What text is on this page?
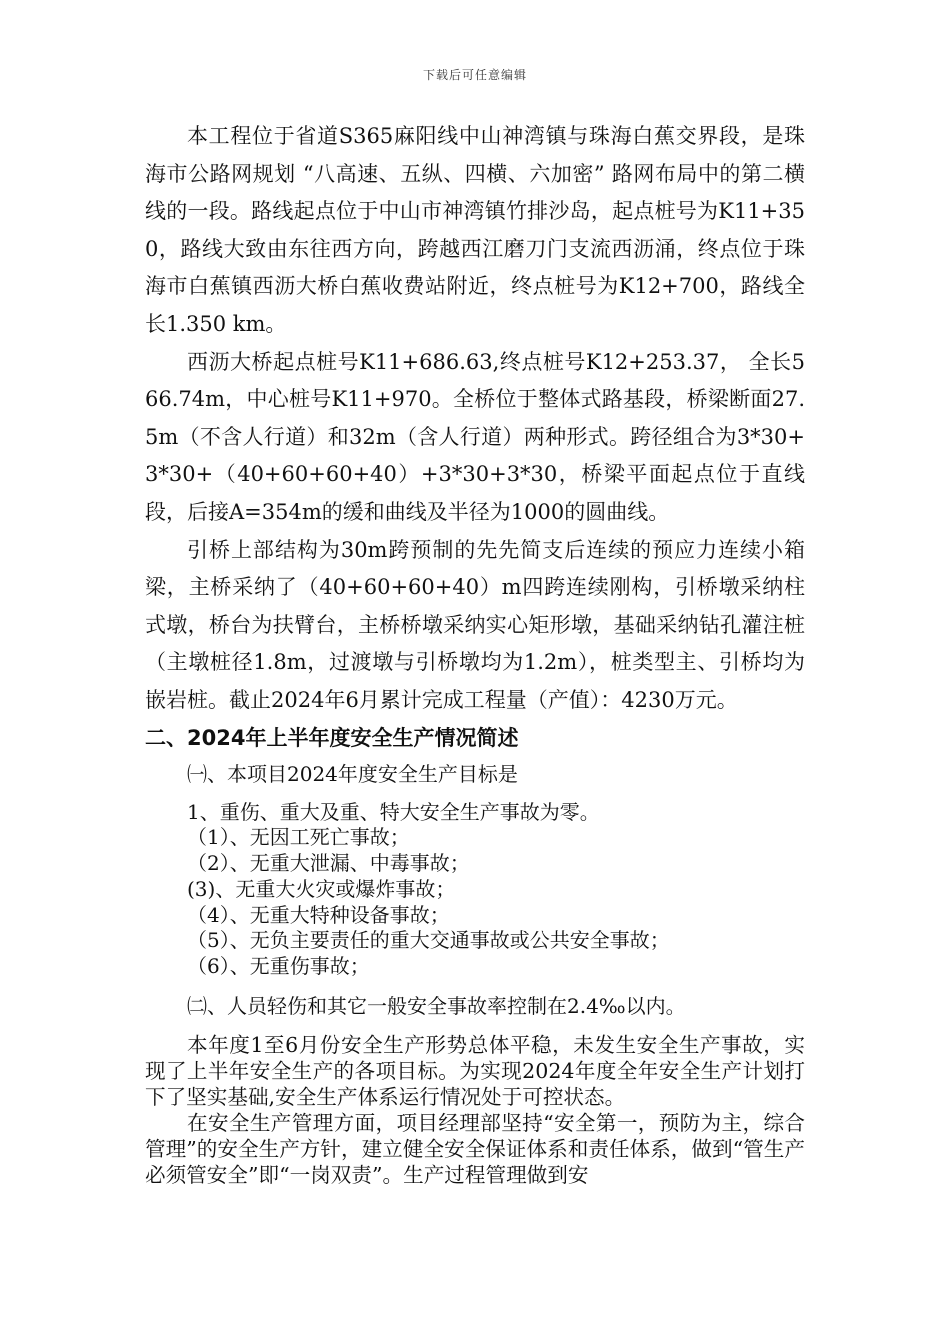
下载后可任意编辑

本工程位于省道S365麻阳线中山神湾镇与珠海白蕉交界段，是珠海市公路网规划 “八高速、五纵、四横、六加密” 路网布局中的第二横线的一段。路线起点位于中山市神湾镇竹排沙岛，起点桩号为K11+350，路线大致由东往西方向，跨越西江磨刀门支流西沥涌，终点位于珠海市白蕉镇西沥大桥白蕉收费站附近，终点桩号为K12+700，路线全长1.350 km。

西沥大桥起点桩号K11+686.63,终点桩号K12+253.37， 全长566.74m，中心桩号K11+970。全桥位于整体式路基段，桥梁断面27.5m（不含人行道）和32m（含人行道）两种形式。跨径组合为3*30+3*30+（40+60+60+40）+3*30+3*30，桥梁平面起点位于直线段，后接A=354m的缓和曲线及半径为1000的圆曲线。

引桥上部结构为30m跨预制的先先简支后连续的预应力连续小箱梁，主桥采纳了（40+60+60+40）m四跨连续刚构，引桥墩采纳柱式墩，桥台为扶臂台，主桥桥墩采纳实心矩形墩，基础采纳钻孔灌注桩（主墩桩径1.8m，过渡墩与引桥墩均为1.2m），桩类型主、引桥均为嵌岩桩。截止2024年6月累计完成工程量（产值）：4230万元。

二、2024年上半年度安全生产情况简述

㈠、本项目2024年度安全生产目标是

1、重伤、重大及重、特大安全生产事故为零。
（1）、无因工死亡事故；
（2）、无重大泄漏、中毒事故；
(3)、无重大火灾或爆炸事故；
（4）、无重大特种设备事故；
（5）、无负主要责任的重大交通事故或公共安全事故；
（6）、无重伤事故；

㈡、人员轻伤和其它一般安全事故率控制在2.4‰以内。

本年度1至6月份安全生产形势总体平稳，未发生安全生产事故，实现了上半年安全生产的各项目标。为实现2024年度全年安全生产计划打下了坚实基础,安全生产体系运行情况处于可控状态。

在安全生产管理方面，项目经理部坚持“安全第一，预防为主，综合管理”的安全生产方针，建立健全安全保证体系和责任体系，做到“管生产必须管安全”即“一岗双责”。生产过程管理做到安
